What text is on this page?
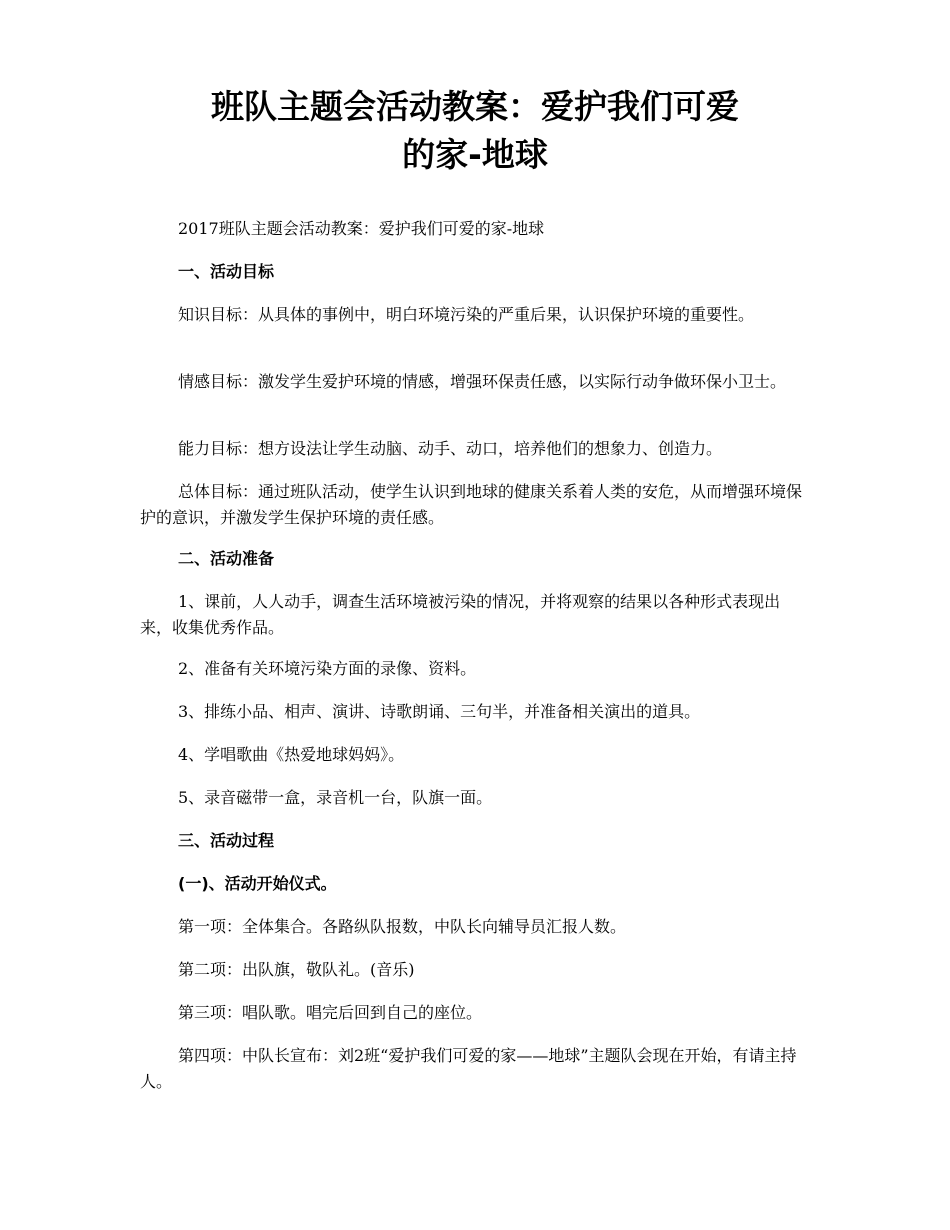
班队主题会活动教案：爱护我们可爱
的家-地球

2017班队主题会活动教案：爱护我们可爱的家-地球

一、活动目标

知识目标：从具体的事例中，明白环境污染的严重后果，认识保护环境的重要性。

情感目标：激发学生爱护环境的情感，增强环保责任感，以实际行动争做环保小卫士。

能力目标：想方设法让学生动脑、动手、动口，培养他们的想象力、创造力。

总体目标：通过班队活动，使学生认识到地球的健康关系着人类的安危，从而增强环境保护的意识，并激发学生保护环境的责任感。

二、活动准备

1、课前，人人动手，调查生活环境被污染的情况，并将观察的结果以各种形式表现出来，收集优秀作品。

2、准备有关环境污染方面的录像、资料。

3、排练小品、相声、演讲、诗歌朗诵、三句半，并准备相关演出的道具。

4、学唱歌曲《热爱地球妈妈》。

5、录音磁带一盒，录音机一台，队旗一面。

三、活动过程

(一)、活动开始仪式。

第一项：全体集合。各路纵队报数，中队长向辅导员汇报人数。

第二项：出队旗，敬队礼。(音乐)

第三项：唱队歌。唱完后回到自己的座位。

第四项：中队长宣布：刘2班“爱护我们可爱的家——地球”主题队会现在开始，有请主持人。
